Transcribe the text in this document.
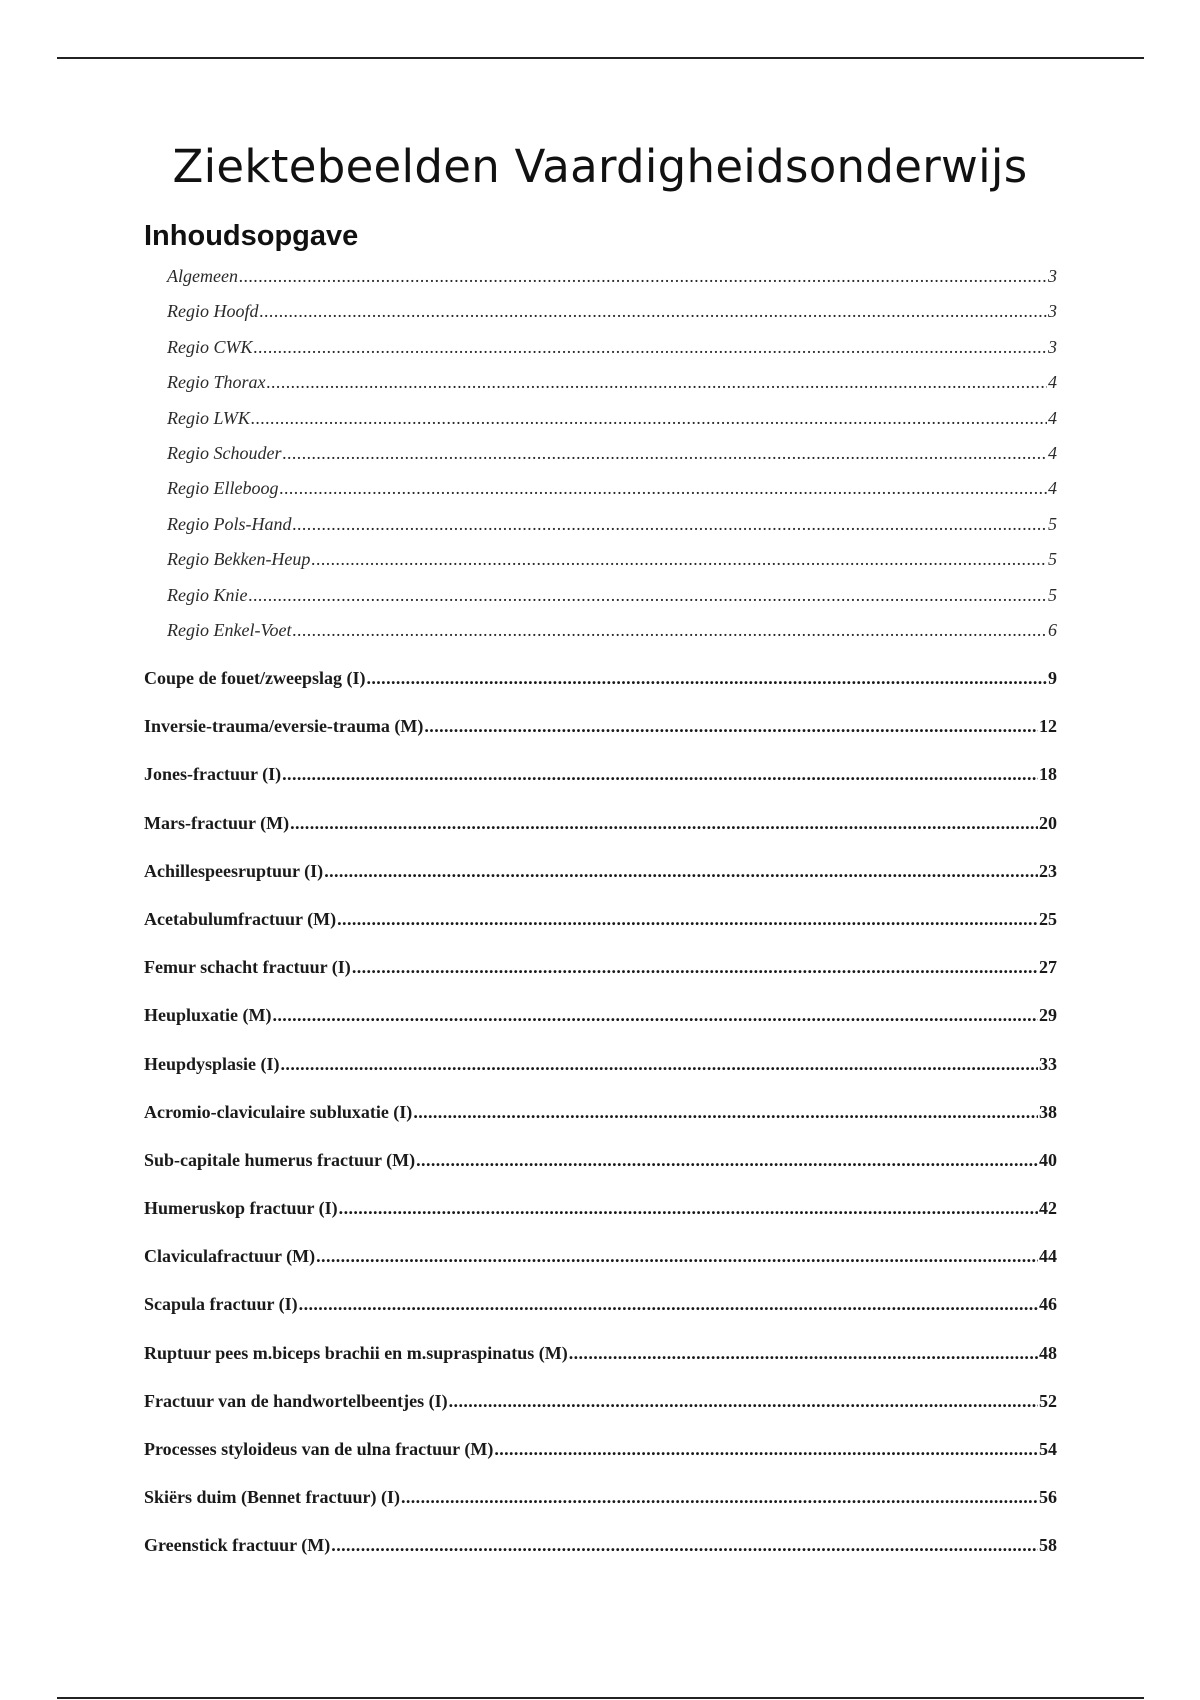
Ziektebeelden Vaardigheidsonderwijs
Inhoudsopgave
Algemeen .....	3
Regio Hoofd .....	3
Regio CWK .....	3
Regio Thorax .....	4
Regio LWK .....	4
Regio Schouder .....	4
Regio Elleboog .....	4
Regio Pols-Hand .....	5
Regio Bekken-Heup .....	5
Regio Knie .....	5
Regio Enkel-Voet .....	6
Coupe de fouet/zweepslag (I) .....	9
Inversie-trauma/eversie-trauma (M) .....	12
Jones-fractuur (I) .....	18
Mars-fractuur (M) .....	20
Achillespeesruptuur (I) .....	23
Acetabulumfractuur (M) .....	25
Femur schacht fractuur (I) .....	27
Heupluxatie (M) .....	29
Heupdysplasie (I) .....	33
Acromio-claviculaire subluxatie (I) .....	38
Sub-capitale humerus fractuur (M) .....	40
Humeruskop fractuur (I) .....	42
Claviculafractuur (M) .....	44
Scapula fractuur (I) .....	46
Ruptuur pees m.biceps brachii en m.supraspinatus (M) .....	48
Fractuur van de handwortelbeentjes (I) .....	52
Processes styloideus van de ulna fractuur (M) .....	54
Skiërs duim (Bennet fractuur) (I) .....	56
Greenstick fractuur (M) .....	58
